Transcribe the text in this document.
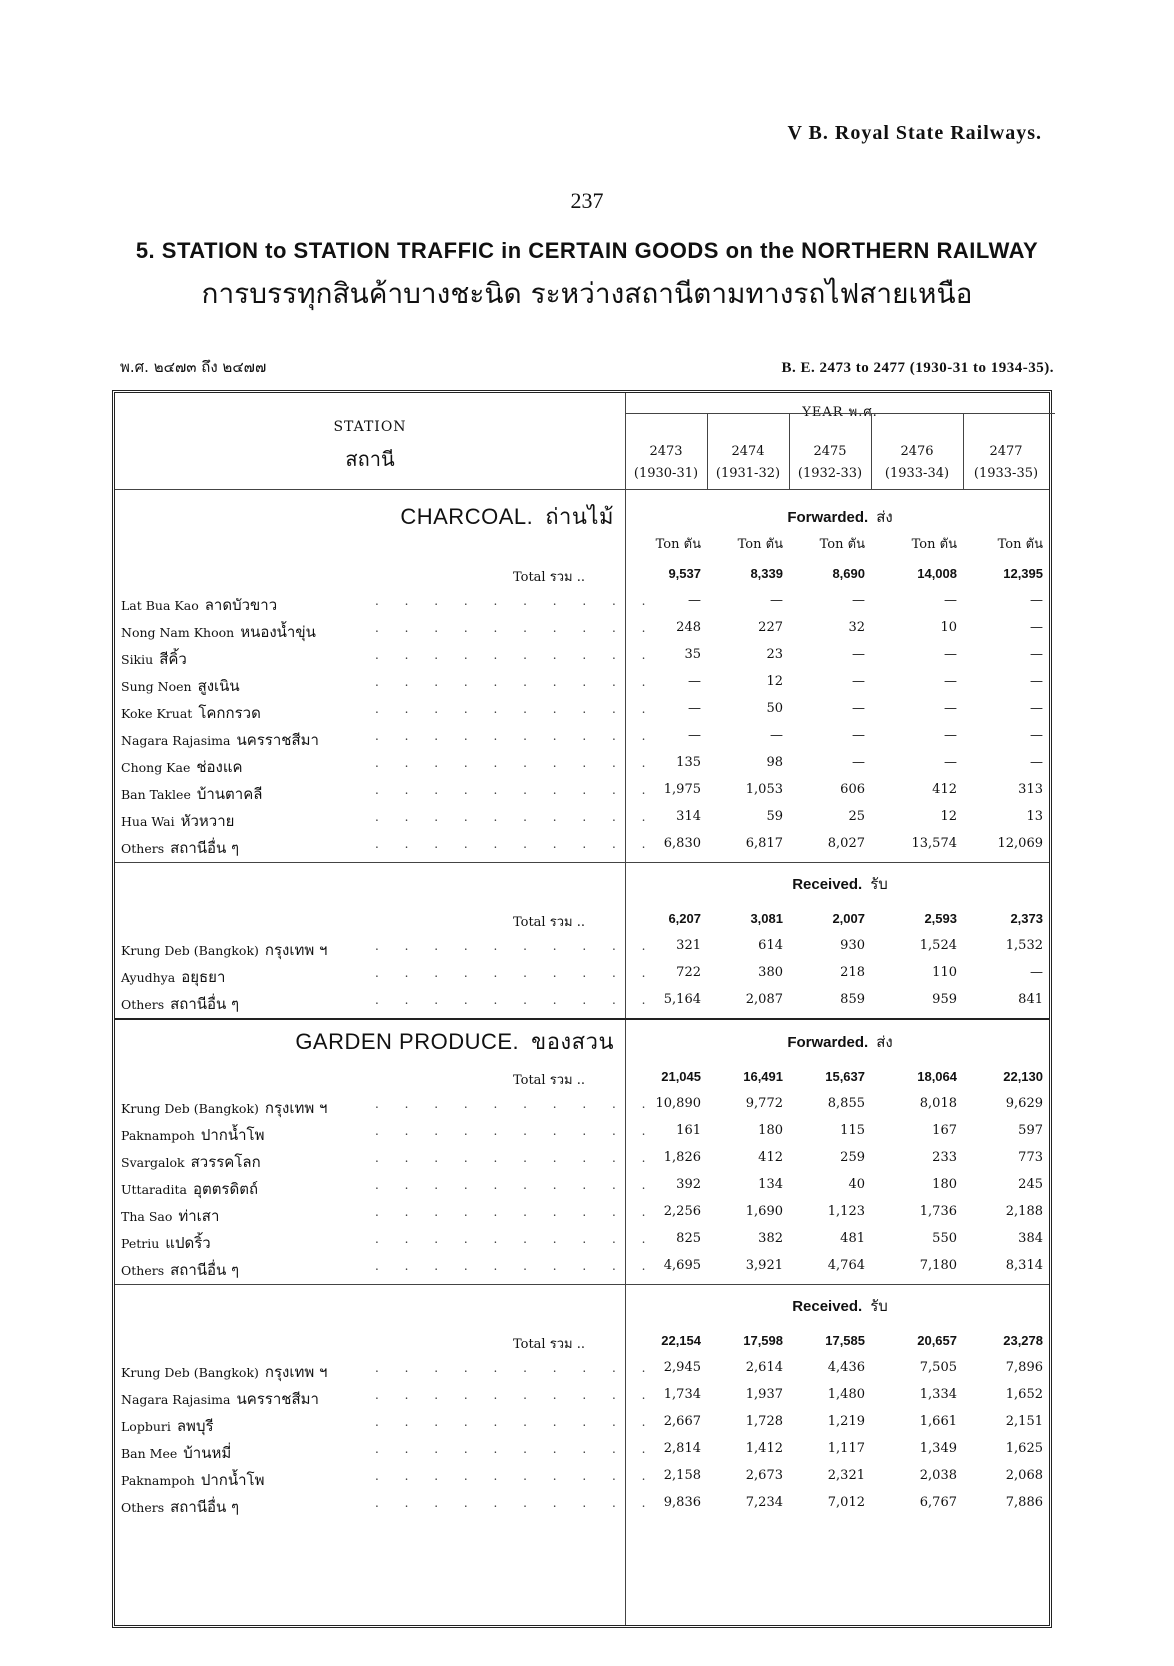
V B. Royal State Railways.
237
5. STATION to STATION TRAFFIC in CERTAIN GOODS on the NORTHERN RAILWAY
การบรรทุกสินค้าบางชะนิด ระหว่างสถานีตามทางรถไฟสายเหนือ
พ.ศ. ๒๔๗๓ ถึง ๒๔๗๗	B. E. 2473 to 2477 (1930-31 to 1934-35).
STATION
สถานี
YEAR พ.ศ.
2473
(1930-31)
2474
(1931-32)
2475
(1932-33)
2476
(1933-34)
2477
(1933-35)
CHARCOAL. ถ่านไม้	Forwarded. ส่ง
Ton ตัน	Ton ตัน	Ton ตัน	Ton ตัน	Ton ตัน
Total รวม ..	9,537	8,339	8,690	14,008	12,395
Lat Bua Kao ลาดบัวขาว	. . . . . . . . . .	—	—	—	—	—
Nong Nam Khoon หนองน้ำขุ่น	. . . . . . . . . .	248	227	32	10	—
Sikiu สีคิ้ว	. . . . . . . . . .	35	23	—	—	—
Sung Noen สูงเนิน	. . . . . . . . . .	—	12	—	—	—
Koke Kruat โคกกรวด	. . . . . . . . . .	—	50	—	—	—
Nagara Rajasima นครราชสีมา	. . . . . . . . . .	—	—	—	—	—
Chong Kae ช่องแค	. . . . . . . . . .	135	98	—	—	—
Ban Taklee บ้านตาคลี	. . . . . . . . . . 1,975	1,053	606	412	313
Hua Wai หัวหวาย	. . . . . . . . . .	314	59	25	12	13
Others สถานีอื่น ๆ	. . . . . . . . . . 6,830	6,817	8,027	13,574	12,069
Received. รับ
Total รวม ..	6,207	3,081	2,007	2,593	2,373
Krung Deb (Bangkok) กรุงเทพ ฯ	. . . . . . . . . .	321	614	930	1,524	1,532
Ayudhya อยุธยา	. . . . . . . . . .	722	380	218	110	—
Others สถานีอื่น ๆ	. . . . . . . . . . 5,164	2,087	859	959	841
GARDEN PRODUCE. ของสวน	Forwarded. ส่ง
Total รวม ..	21,045	16,491	15,637	18,064	22,130
Krung Deb (Bangkok) กรุงเทพ ฯ	. . . . . . . . . . 10,890	9,772	8,855	8,018	9,629
Paknampoh ปากน้ำโพ	. . . . . . . . . .	161	180	115	167	597
Svargalok สวรรคโลก	. . . . . . . . . . 1,826	412	259	233	773
Uttaradita อุตตรดิตถ์	. . . . . . . . . .	392	134	40	180	245
Tha Sao ท่าเสา	. . . . . . . . . . 2,256	1,690	1,123	1,736	2,188
Petriu แปดริ้ว	. . . . . . . . . .	825	382	481	550	384
Others สถานีอื่น ๆ	. . . . . . . . . . 4,695	3,921	4,764	7,180	8,314
Received. รับ
Total รวม ..	22,154	17,598	17,585	20,657	23,278
Krung Deb (Bangkok) กรุงเทพ ฯ	. . . . . . . . . . 2,945	2,614	4,436	7,505	7,896
Nagara Rajasima นครราชสีมา	. . . . . . . . . . 1,734	1,937	1,480	1,334	1,652
Lopburi ลพบุรี	. . . . . . . . . . 2,667	1,728	1,219	1,661	2,151
Ban Mee บ้านหมี่	. . . . . . . . . . 2,814	1,412	1,117	1,349	1,625
Paknampoh ปากน้ำโพ	. . . . . . . . . . 2,158	2,673	2,321	2,038	2,068
Others สถานีอื่น ๆ	. . . . . . . . . . 9,836	7,234	7,012	6,767	7,886
